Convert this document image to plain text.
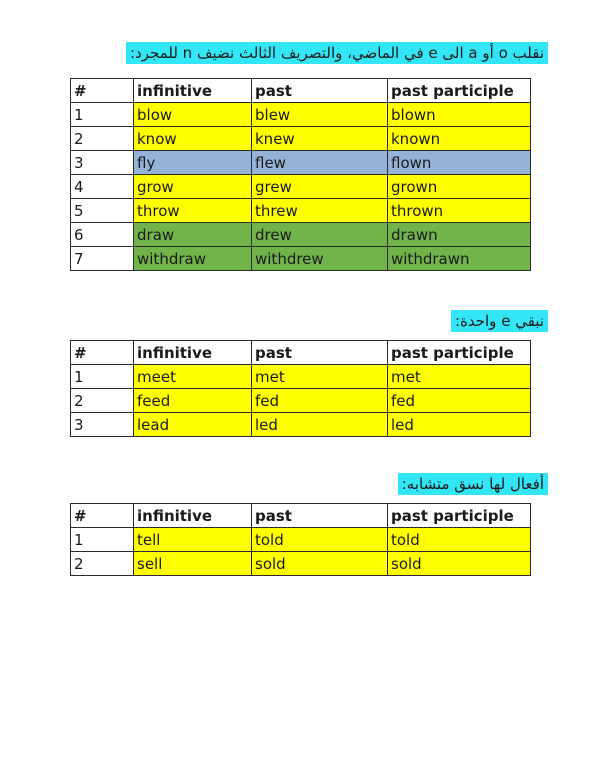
نقلب o أو a الى e في الماضي، والتصريف الثالث نضيف n للمجرد:
#	infinitive	past	past participle
1	blow	blew	blown
2	know	knew	known
3	fly	flew	flown
4	grow	grew	grown
5	throw	threw	thrown
6	draw	drew	drawn
7	withdraw	withdrew	withdrawn
نبقي e واحدة:
#	infinitive	past	past participle
1	meet	met	met
2	feed	fed	fed
3	lead	led	led
أفعال لها نسق متشابه:
#	infinitive	past	past participle
1	tell	told	told
2	sell	sold	sold
